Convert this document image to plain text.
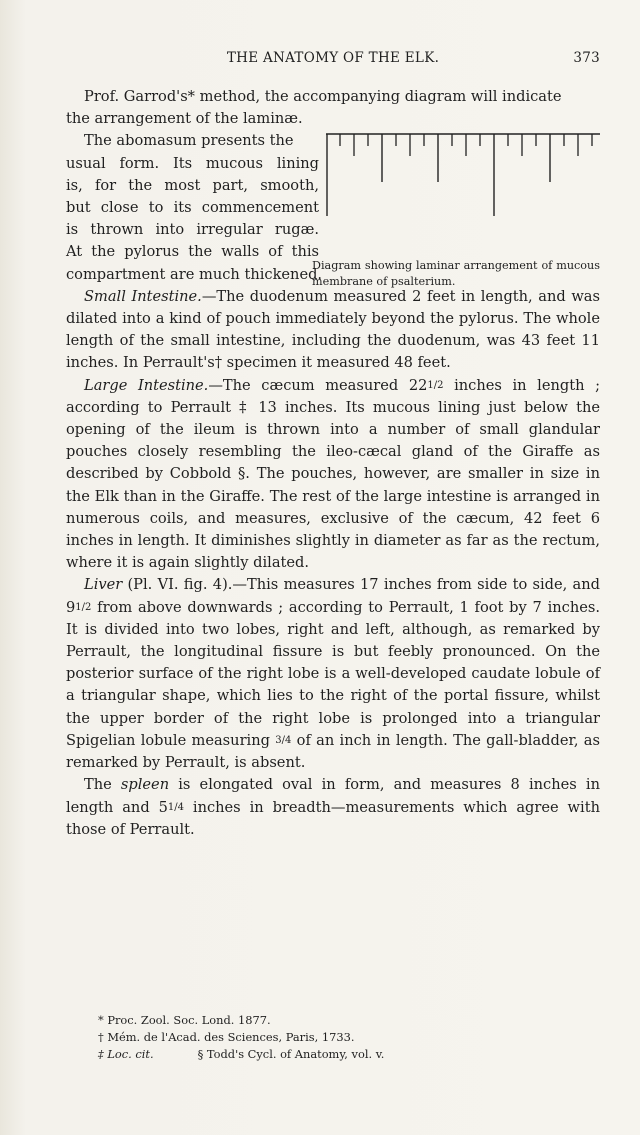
THE ANATOMY OF THE ELK.	373
Diagram showing laminar arrangement of mucous membrane of psalterium.

Prof. Garrod's* method, the accompanying diagram will indicate

the arrangement of the laminæ.

The abomasum presents the

usual form. Its mucous lining

is, for the most part, smooth,

but close to its commencement

is thrown into irregular rugæ.

At the pylorus the walls of this

compartment are much thickened.

Small Intestine.—The duodenum measured 2 feet in length, and was dilated into a kind of pouch immediately beyond the pylorus. The whole length of the small intestine, including the duodenum, was 43 feet 11 inches. In Perrault's† specimen it measured 48 feet.

Large Intestine.—The cæcum measured 221/2 inches in length ; according to Perrault ‡ 13 inches. Its mucous lining just below the opening of the ileum is thrown into a number of small glandular pouches closely resembling the ileo-cæcal gland of the Giraffe as described by Cobbold §. The pouches, however, are smaller in size in the Elk than in the Giraffe. The rest of the large intestine is arranged in numerous coils, and measures, exclusive of the cæcum, 42 feet 6 inches in length. It diminishes slightly in diameter as far as the rectum, where it is again slightly dilated.

Liver (Pl. VI. fig. 4).—This measures 17 inches from side to side, and 91/2 from above downwards ; according to Perrault, 1 foot by 7 inches. It is divided into two lobes, right and left, although, as remarked by Perrault, the longitudinal fissure is but feebly pronounced. On the posterior surface of the right lobe is a well-developed caudate lobule of a triangular shape, which lies to the right of the portal fissure, whilst the upper border of the right lobe is prolonged into a triangular Spigelian lobule measuring 3/4 of an inch in length. The gall-bladder, as remarked by Perrault, is absent.

The spleen is elongated oval in form, and measures 8 inches in length and 51/4 inches in breadth—measurements which agree with those of Perrault.

* Proc. Zool. Soc. Lond. 1877.
† Mém. de l'Acad. des Sciences, Paris, 1733.
‡ Loc. cit.	§ Todd's Cycl. of Anatomy, vol. v.
